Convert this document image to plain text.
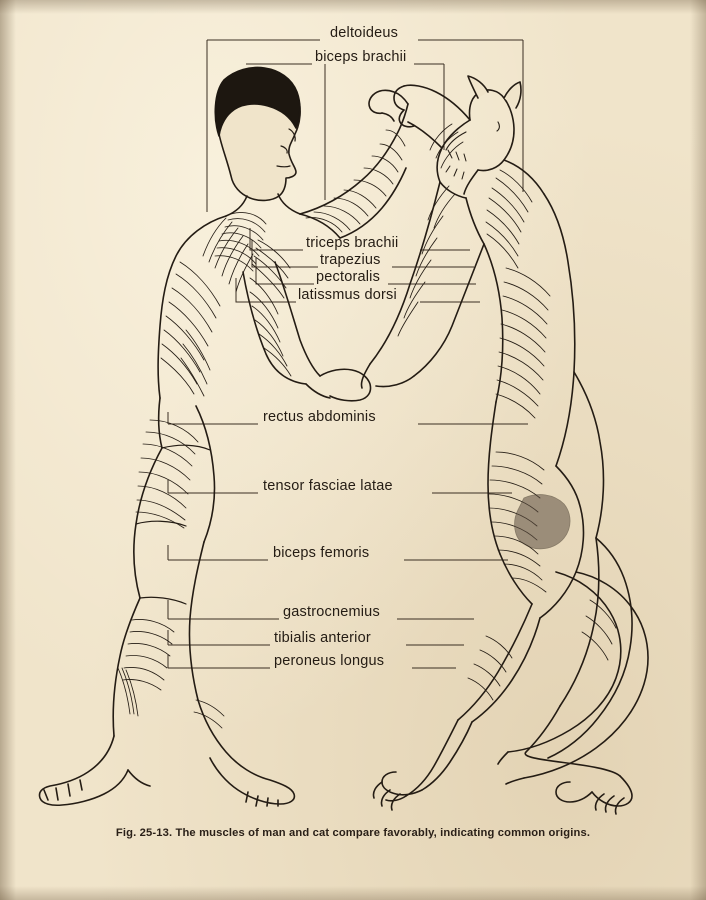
deltoideus
biceps brachii
triceps brachii
trapezius
pectoralis
latissmus dorsi
rectus abdominis
tensor fasciae latae
biceps femoris
gastrocnemius
tibialis anterior
peroneus longus
Fig. 25-13. The muscles of man and cat compare favorably, indicating common origins.
